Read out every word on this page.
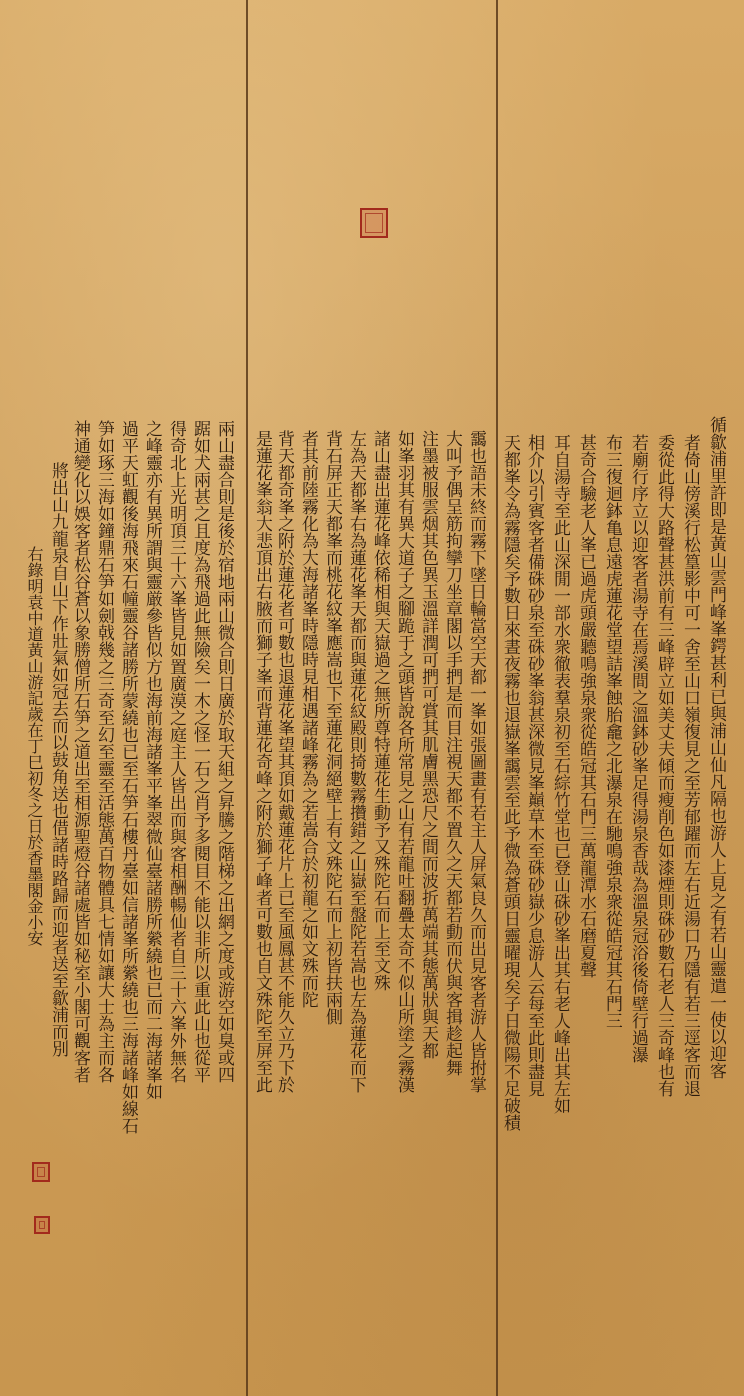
循歙浦里許即是黃山雲門峰峯鍔甚利已與浦山仙凡隔也游人上見之有若山靈遣一使以迎客
者倚山傍溪行松篁影中可一舍至山口嶺復見之至芳郁躍而左右近湯口乃隱有若三逕客而退
委從此得大路聲甚洪前有三峰辟立如美丈夫傾而瘦削色如漆煙則硃砂數石老人三奇峰也有
若廟行序立以迎客者湯寺在焉溪間之溫鉢砂峯足得湯泉香哉為溫泉冠浴後倚壁行過瀑
布三復迴鉢亀息遠虎蓮花堂望詰峯蝕胎龕之北瀑泉在馳鳴強泉衆從皓冠其石門三
甚奇合驗老人峯已過虎頭嚴聽鳴強泉衆從皓冠其石門三萬龍潭水石磨夏聲
耳自湯寺至此山深閒一部水衆徹表羣泉初至石綜竹堂也已登山硃砂峯出其右老人峰出其左如
相介以引賓客者備硃砂泉至硃砂峯翁甚深微見峯巔草木至硃砂嶽少息游人云每至此則盡見
天都峯令為霧隱矣予數日來晝夜霧也退嶽峯靄雲至此予微為蒼頭日靈曜現矣子日微陽不足破積
靄也語未終而霧下墜日輪當空天都一峯如張圖畫有若主人屏氣良久而出見客者游人皆拊掌
大叫予偶呈筋拘攣刀坐章閣以手捫是而目注視天都不置久之天都若動而伏與客揖趁起舞
注墨被服雲烟其色異玉溫詳潤可捫可賞其肌膚黑恐尺之間而波折萬端其態萬狀與天都
如峯羽其有異大道子之腳跪于之頭皆說各所常見之山有若龍吐翻疊太奇不似山所塗之霧漢
諸山盡出蓮花峰依稀相與天嶽過之無所尊特蓮花生動予又殊陀石而上至文殊
左為天都峯右為蓮花峯天都而與蓮花紋殿則掎數霧攢錯之山嶽至盤陀若嵩也左為蓮花而下
背石屏正天都峯而桃花紋峯應嵩也下至蓮花洞絕壁上有文殊陀石而上初皆扶兩側
者其前陸霧化為大海諸峯時隱時見相遇諸峰霧為之若嵩合於初龍之如文殊而陀
背天都奇峯之附於蓮花者可數也退蓮花峯望其頂如戴蓮花片上已至風鳳甚不能久立乃下於
是蓮花峯翁大悲頂出右腋而獅子峯而背蓮花奇峰之附於獅子峰者可數也自文殊陀至屏至此
兩山盡合則是後於宿地兩山微合則日廣於取天組之昇騰之階梯之出網之度或游空如臭或四
踞如犬兩甚之且度為飛過此無險矣一木之怪一石之肖予多閱目不能以非所以重此山也從平
得奇北上光明頂三十六峯皆見如置廣漠之庭主人皆出而與客相酬暢仙者自三十六峯外無名
之峰靈亦有異所謂與靈厳參皆似方也海前海諸峯平峯翠微仙臺諸勝所縈繞也已而二海諸峯如
過平天虹觀後海飛來石幢靈谷諸勝所蒙繞也已至石笋石樓丹臺如信諸峯所縈繞也三海諸峰如線石
笋如琢三海如鐘鼎石笋如劍戟幾之三奇至幻至靈至活態萬百物體具七情如讓大士為主而各
神通變化以娛客者松谷蒼以象勝僧所石笋之道出至相源聖燈谷諸處皆如秘室小閣可觀客者
將出山九龍泉自山下作壯氣如冠去而以鼓角送也借諸時路歸而迎者送至歙浦而別
右錄明袁中道黃山游記歲在丁巳初冬之日於香墨閣金小安
